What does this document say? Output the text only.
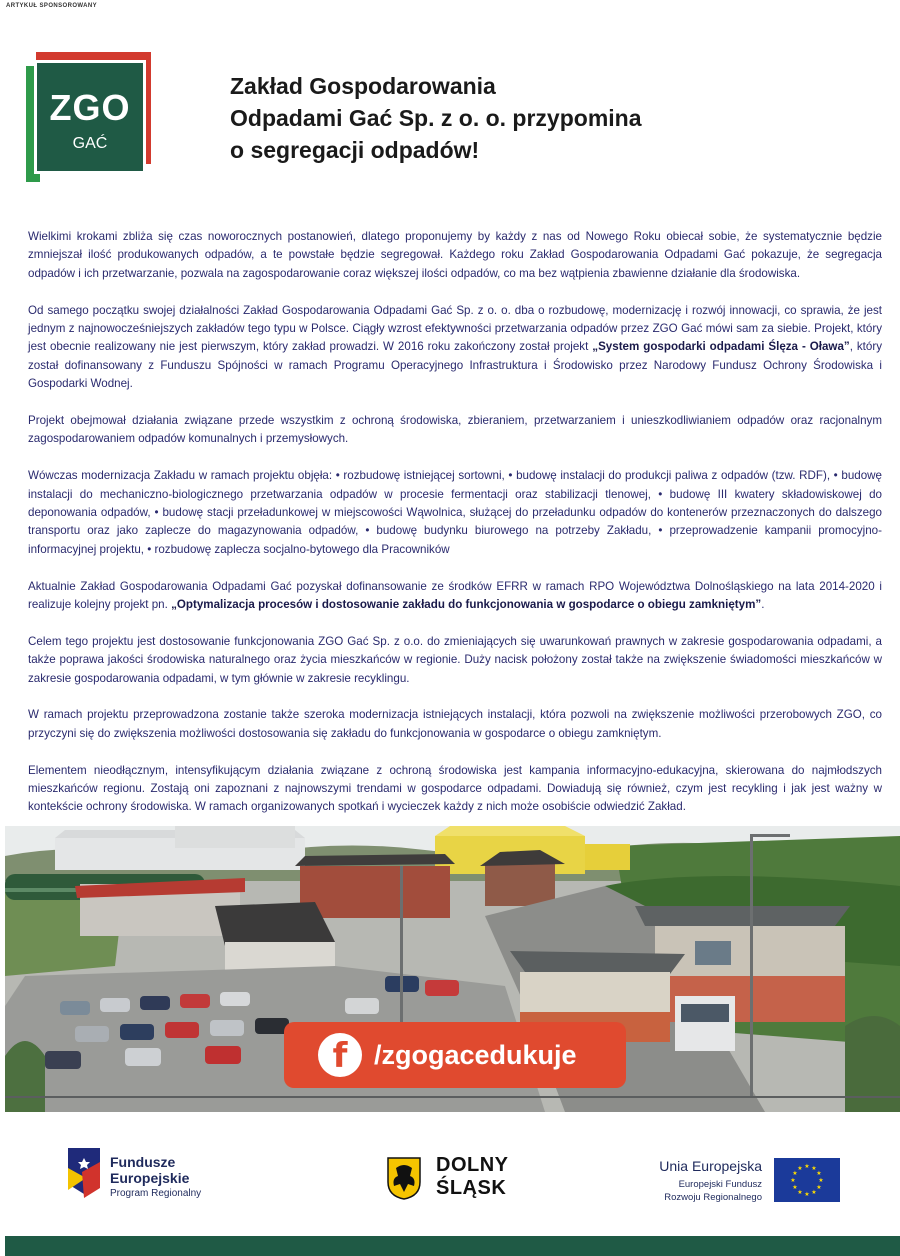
ARTYKUŁ SPONSOROWANY
ZGO
GAĆ
Zakład Gospodarowania
Odpadami Gać Sp. z o. o. przypomina
o segregacji odpadów!

Wielkimi krokami zbliża się czas noworocznych postanowień, dlatego proponujemy by każdy z nas od Nowego Roku obiecał sobie, że systematycznie będzie zmniejszał ilość produkowanych odpadów, a te powstałe będzie segregował. Każdego roku Zakład Gospodarowania Odpadami Gać pokazuje, że segregacja odpadów i ich przetwarzanie, pozwala na zagospodarowanie coraz większej ilości odpadów, co ma bez wątpienia zbawienne działanie dla środowiska.

Od samego początku swojej działalności Zakład Gospodarowania Odpadami Gać Sp. z o. o. dba o rozbudowę, modernizację i rozwój innowacji, co sprawia, że jest jednym z najnowocześniejszych zakładów tego typu w Polsce. Ciągły wzrost efektywności przetwarzania odpadów przez ZGO Gać mówi sam za siebie. Projekt, który jest obecnie realizowany nie jest pierwszym, który zakład prowadzi. W 2016 roku zakończony został projekt „System gospodarki odpadami Ślęza - Oława”, który został dofinansowany z Funduszu Spójności w ramach Programu Operacyjnego Infrastruktura i Środowisko przez Narodowy Fundusz Ochrony Środowiska i Gospodarki Wodnej.

Projekt obejmował działania związane przede wszystkim z ochroną środowiska, zbieraniem, przetwarzaniem i unieszkodliwianiem odpadów oraz racjonalnym zagospodarowaniem odpadów komunalnych i przemysłowych.

Wówczas modernizacja Zakładu w ramach projektu objęła: • rozbudowę istniejącej sortowni, • budowę instalacji do produkcji paliwa z odpadów (tzw. RDF), • budowę instalacji do mechaniczno-biologicznego przetwarzania odpadów w procesie fermentacji oraz stabilizacji tlenowej, • budowę III kwatery składowiskowej do deponowania odpadów, • budowę stacji przeładunkowej w miejscowości Wąwolnica, służącej do przeładunku odpadów do kontenerów przeznaczonych do dalszego transportu oraz jako zaplecze do magazynowania odpadów, • budowę budynku biurowego na potrzeby Zakładu, • przeprowadzenie kampanii promocyjno-informacyjnej projektu, • rozbudowę zaplecza socjalno-bytowego dla Pracowników

Aktualnie Zakład Gospodarowania Odpadami Gać pozyskał dofinansowanie ze środków EFRR w ramach RPO Województwa Dolnośląskiego na lata 2014-2020 i realizuje kolejny projekt pn. „Optymalizacja procesów i dostosowanie zakładu do funkcjonowania w gospodarce o obiegu zamkniętym”.

Celem tego projektu jest dostosowanie funkcjonowania ZGO Gać Sp. z o.o. do zmieniających się uwarunkowań prawnych w zakresie gospodarowania odpadami, a także poprawa jakości środowiska naturalnego oraz życia mieszkańców w regionie. Duży nacisk położony został także na zwiększenie świadomości mieszkańców w zakresie gospodarowania odpadami, w tym głównie w zakresie recyklingu.

W ramach projektu przeprowadzona zostanie także szeroka modernizacja istniejących instalacji, która pozwoli na zwiększenie możliwości przerobowych ZGO, co przyczyni się do zwiększenia możliwości dostosowania się zakładu do funkcjonowania w gospodarce o obiegu zamkniętym.

Elementem nieodłącznym, intensyfikującym działania związane z ochroną środowiska jest kampania informacyjno-edukacyjna, skierowana do najmłodszych mieszkańców regionu. Zostają oni zapoznani z najnowszymi trendami w gospodarce odpadami. Dowiadują się również, czym jest recykling i jak jest ważny w kontekście ochrony środowiska. W ramach organizowanych spotkań i wycieczek każdy z nich może osobiście odwiedzić Zakład.

f /zgogacedukuje
Fundusze
Europejskie
Program Regionalny
DOLNY
ŚLĄSK
Unia Europejska
Europejski Fundusz
Rozwoju Regionalnego
★ ★
★
★
★
★
★
★
★
★
★
★
